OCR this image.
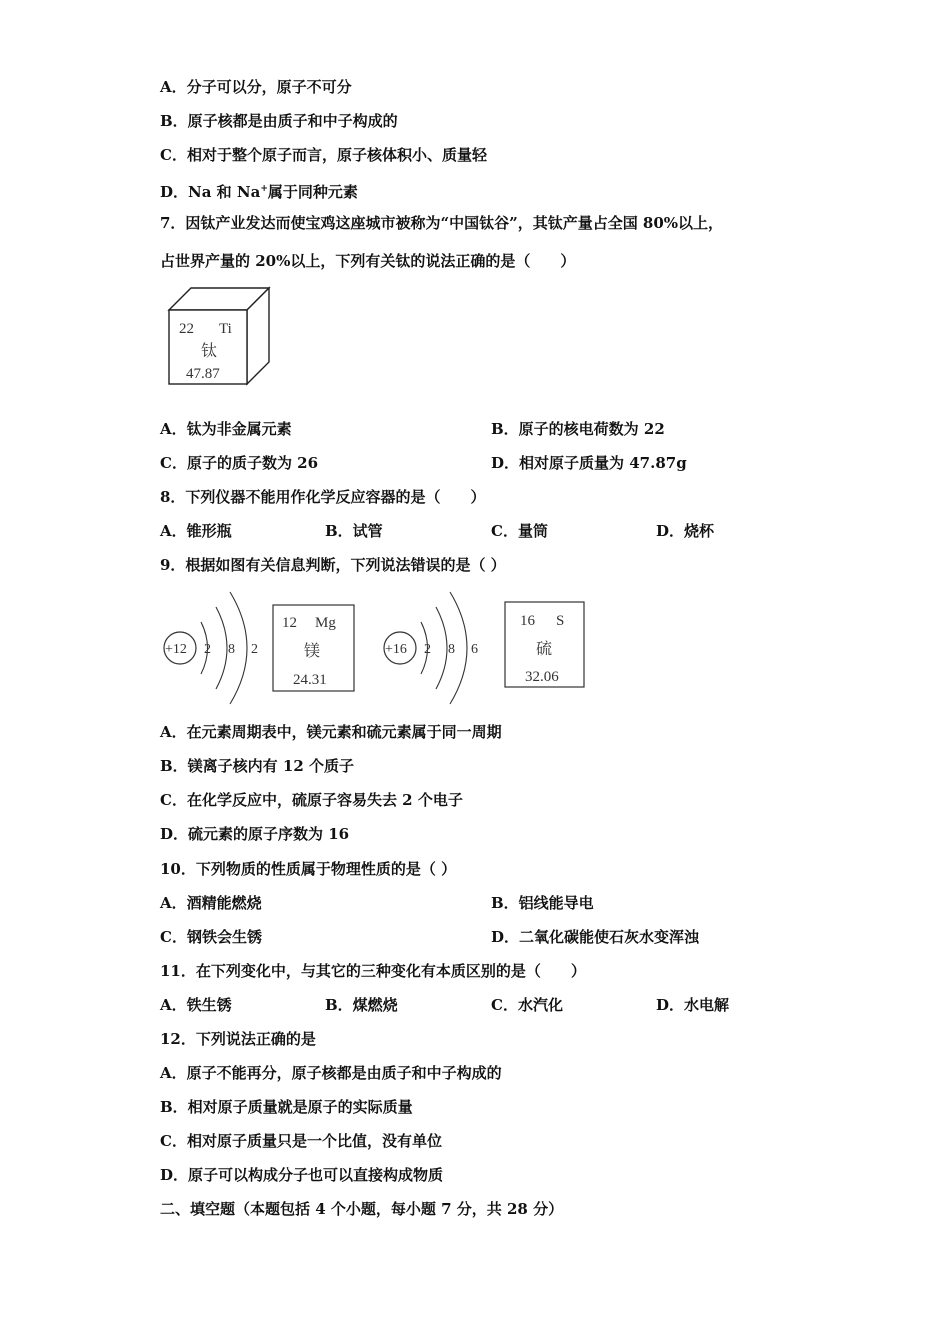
A．分子可以分，原子不可分
B．原子核都是由质子和中子构成的
C．相对于整个原子而言，原子核体积小、质量轻
D．Na 和 Na+属于同种元素
7．因钛产业发达而使宝鸡这座城市被称为“中国钛谷”，其钛产量占全国 80%以上，
占世界产量的 20%以上，下列有关钛的说法正确的是（　　）
22 Ti
钛
47.87
A．钛为非金属元素	B．原子的核电荷数为 22
C．原子的质子数为 26	D．相对原子质量为 47.87g
8．下列仪器不能用作化学反应容器的是（　　）
A．锥形瓶	B．试管	C．量筒	D．烧杯
9．根据如图有关信息判断，下列说法错误的是（ ）
+12 2 8 2
12 Mg
镁
24.31
+16 2 8 6
16 S
硫
32.06
A．在元素周期表中，镁元素和硫元素属于同一周期
B．镁离子核内有 12 个质子
C．在化学反应中，硫原子容易失去 2 个电子
D．硫元素的原子序数为 16
10．下列物质的性质属于物理性质的是（ ）
A．酒精能燃烧	B．铝线能导电
C．钢铁会生锈	D．二氧化碳能使石灰水变浑浊
11．在下列变化中，与其它的三种变化有本质区别的是（　　）
A．铁生锈	B．煤燃烧	C．水汽化	D．水电解
12．下列说法正确的是
A．原子不能再分，原子核都是由质子和中子构成的
B．相对原子质量就是原子的实际质量
C．相对原子质量只是一个比值，没有单位
D．原子可以构成分子也可以直接构成物质
二、填空题（本题包括 4 个小题，每小题 7 分，共 28 分）
